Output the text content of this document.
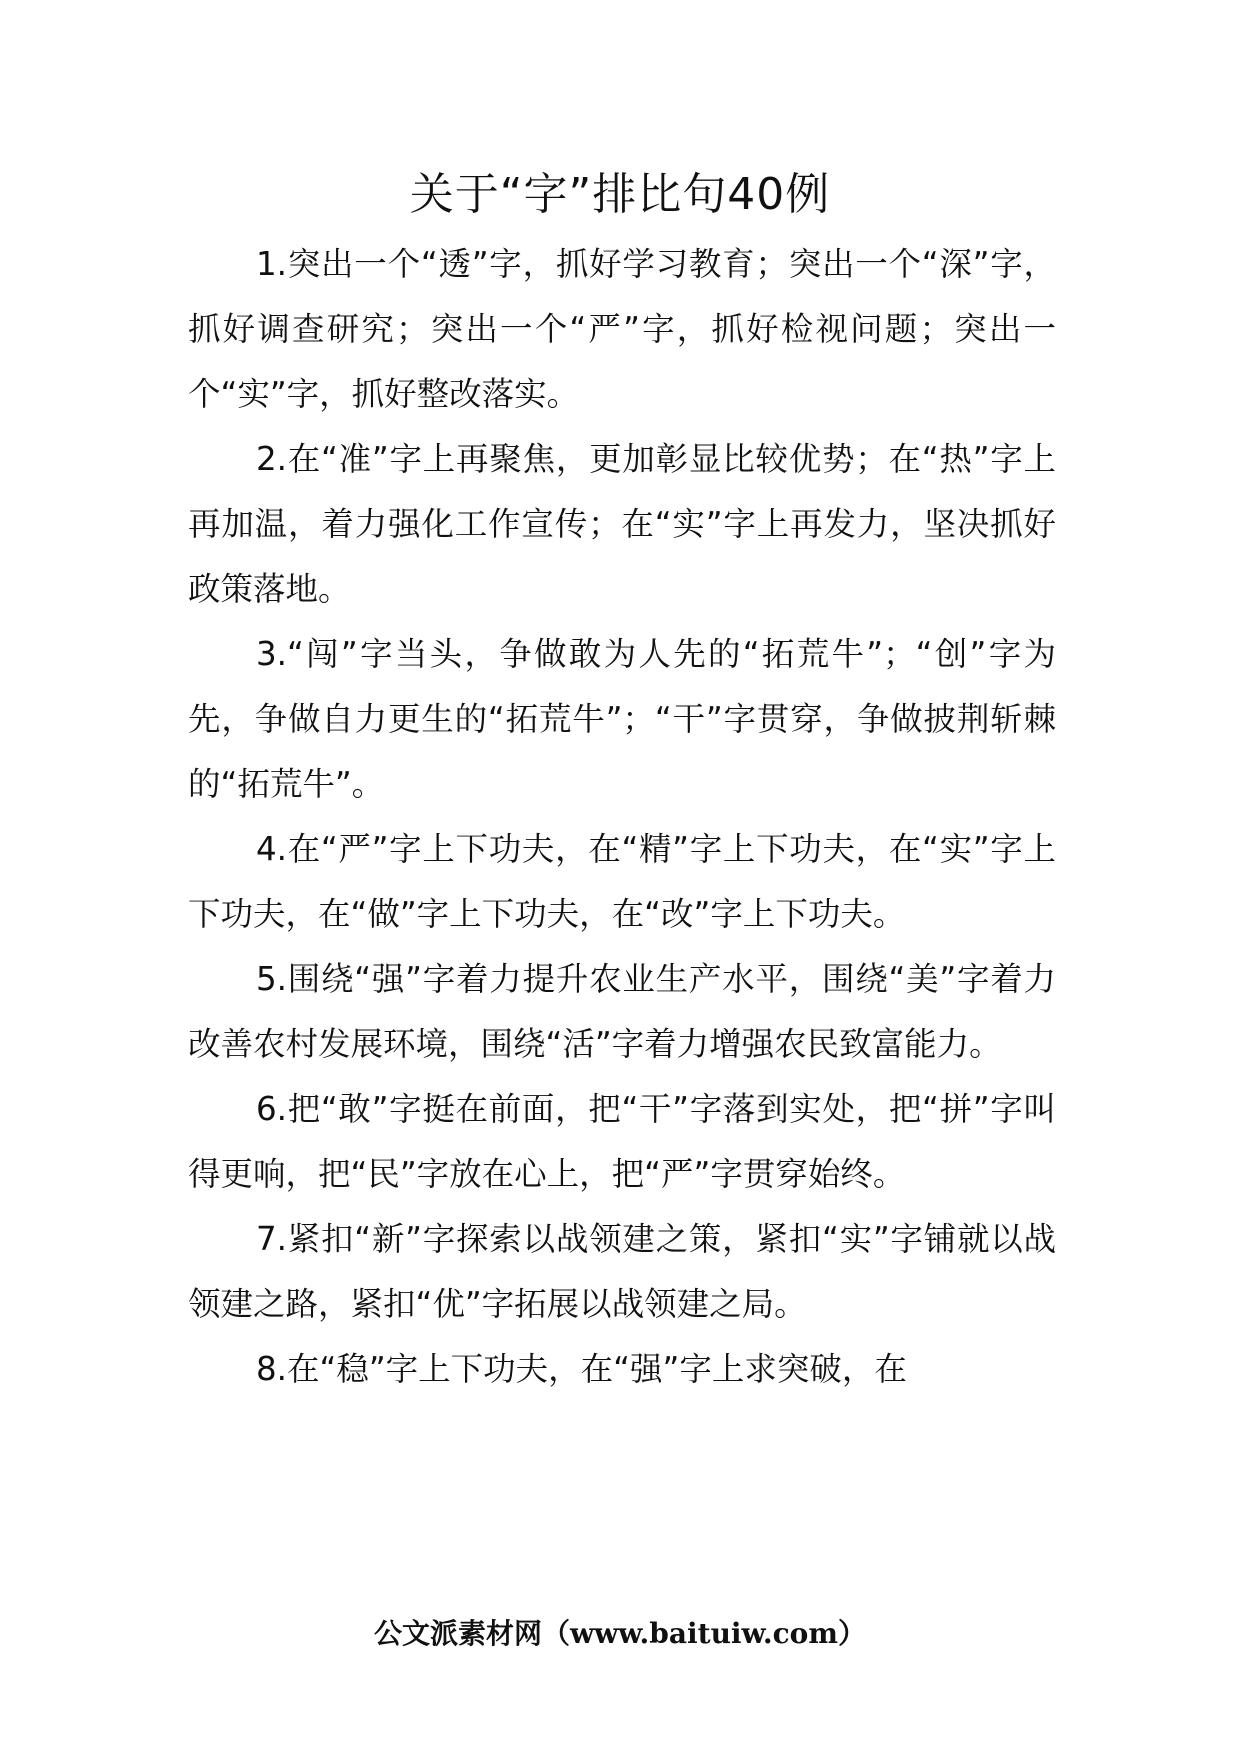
关于“字”排比句40例

1.突出一个“透”字，抓好学习教育；突出一个“深”字，抓好调查研究；突出一个“严”字，抓好检视问题；突出一个“实”字，抓好整改落实。

2.在“准”字上再聚焦，更加彰显比较优势；在“热”字上再加温，着力强化工作宣传；在“实”字上再发力，坚决抓好政策落地。

3.“闯”字当头，争做敢为人先的“拓荒牛”；“创”字为先，争做自力更生的“拓荒牛”；“干”字贯穿，争做披荆斩棘的“拓荒牛”。

4.在“严”字上下功夫，在“精”字上下功夫，在“实”字上下功夫，在“做”字上下功夫，在“改”字上下功夫。

5.围绕“强”字着力提升农业生产水平，围绕“美”字着力改善农村发展环境，围绕“活”字着力增强农民致富能力。

6.把“敢”字挺在前面，把“干”字落到实处，把“拼”字叫得更响，把“民”字放在心上，把“严”字贯穿始终。

7.紧扣“新”字探索以战领建之策，紧扣“实”字铺就以战领建之路，紧扣“优”字拓展以战领建之局。

8.在“稳”字上下功夫，在“强”字上求突破，在

公文派素材网（www.baituiw.com）
